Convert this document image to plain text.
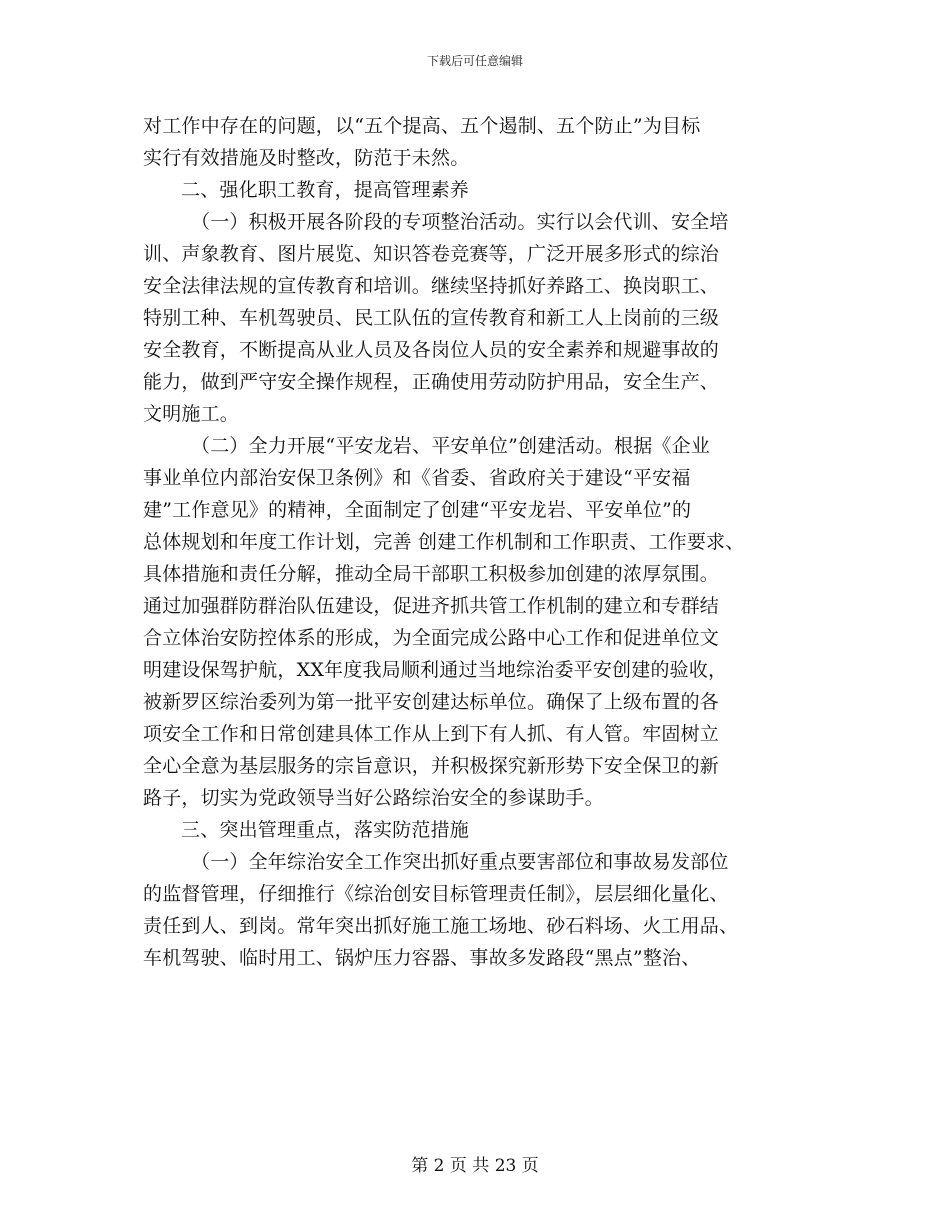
下载后可任意编辑
对工作中存在的问题，以“五个提高、五个遏制、五个防止”为目标
实行有效措施及时整改，防范于未然。
二、强化职工教育，提高管理素养
（一）积极开展各阶段的专项整治活动。实行以会代训、安全培
训、声象教育、图片展览、知识答卷竞赛等，广泛开展多形式的综治
安全法律法规的宣传教育和培训。继续坚持抓好养路工、换岗职工、
特别工种、车机驾驶员、民工队伍的宣传教育和新工人上岗前的三级
安全教育，不断提高从业人员及各岗位人员的安全素养和规避事故的
能力，做到严守安全操作规程，正确使用劳动防护用品，安全生产、
文明施工。
（二）全力开展“平安龙岩、平安单位”创建活动。根据《企业
事业单位内部治安保卫条例》和《省委、省政府关于建设“平安福
建”工作意见》的精神，全面制定了创建“平安龙岩、平安单位”的
总体规划和年度工作计划，完善 创建工作机制和工作职责、工作要求、
具体措施和责任分解，推动全局干部职工积极参加创建的浓厚氛围。
通过加强群防群治队伍建设，促进齐抓共管工作机制的建立和专群结
合立体治安防控体系的形成，为全面完成公路中心工作和促进单位文
明建设保驾护航，XX年度我局顺利通过当地综治委平安创建的验收，
被新罗区综治委列为第一批平安创建达标单位。确保了上级布置的各
项安全工作和日常创建具体工作从上到下有人抓、有人管。牢固树立
全心全意为基层服务的宗旨意识，并积极探究新形势下安全保卫的新
路子，切实为党政领导当好公路综治安全的参谋助手。
三、突出管理重点，落实防范措施
（一）全年综治安全工作突出抓好重点要害部位和事故易发部位
的监督管理，仔细推行《综治创安目标管理责任制》，层层细化量化、
责任到人、到岗。常年突出抓好施工施工场地、砂石料场、火工用品、
车机驾驶、临时用工、锅炉压力容器、事故多发路段“黑点”整治、
第 2 页 共 23 页
